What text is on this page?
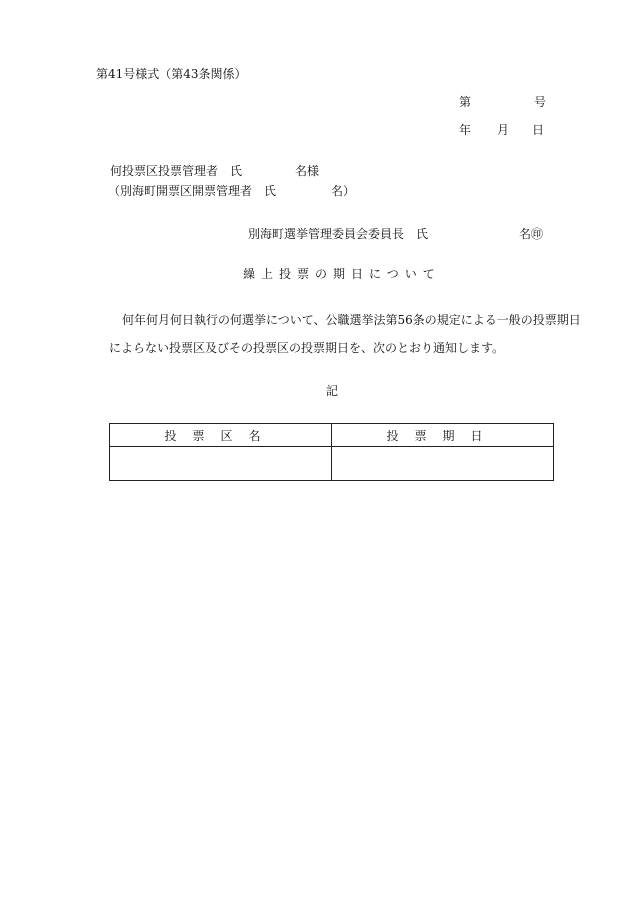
第41号様式（第43条関係）
第	号
年 月 日
何投票区投票管理者　氏	名様
（別海町開票区開票管理者　氏	名）
別海町選挙管理委員会委員長　氏	名㊞
繰上投票の期日について
何年何月何日執行の何選挙について、公職選挙法第56条の規定による一般の投票期日
によらない投票区及びその投票区の投票期日を、次のとおり通知します。
記
投票区名	投票期日
